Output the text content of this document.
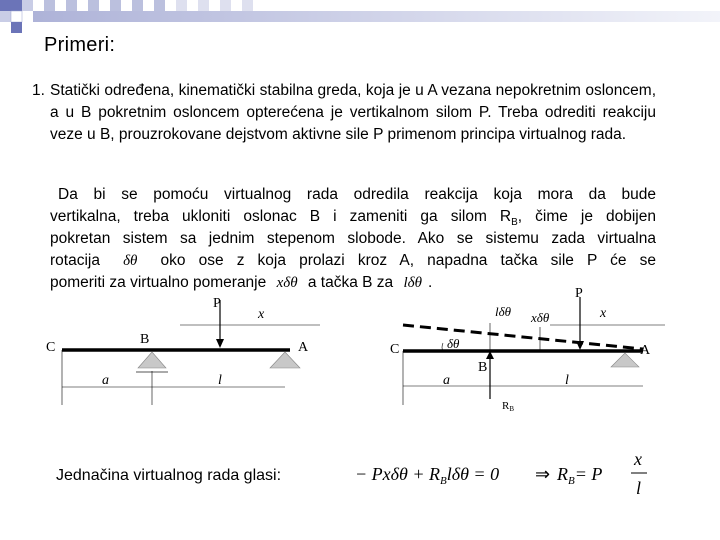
Primeri:
1. Statički određena, kinematički stabilna greda, koja je u A vezana nepokretnim osloncem, a u B pokretnim osloncem opterećena je vertikalnom silom P. Treba odrediti reakciju veze u B, prouzrokovane dejstvom aktivne sile P primenom principa virtualnog rada.
Da bi se pomoću virtualnog rada odredila reakcija koja mora da bude
vertikalna, treba ukloniti oslonac B i zameniti ga silom $R_B$, čime je dobijen
pokretan sistem sa jednim stepenom slobode. Ako se sistemu zada virtualna
rotacija δθ oko ose z koja prolazi kroz A, napadna tačka sile P će se
pomeriti za virtualno pomeranje xδθ a tačka B za lδθ .
P
x
C	A
B
a	l
P
x
lδθ xδθ
C	A
δθ
B
a	l
RB
Jednačina virtualnog rada glasi:	− $Px\delta\theta + R_Bl\delta\theta = 0$ ⇒ $R_B= P$
x
l
